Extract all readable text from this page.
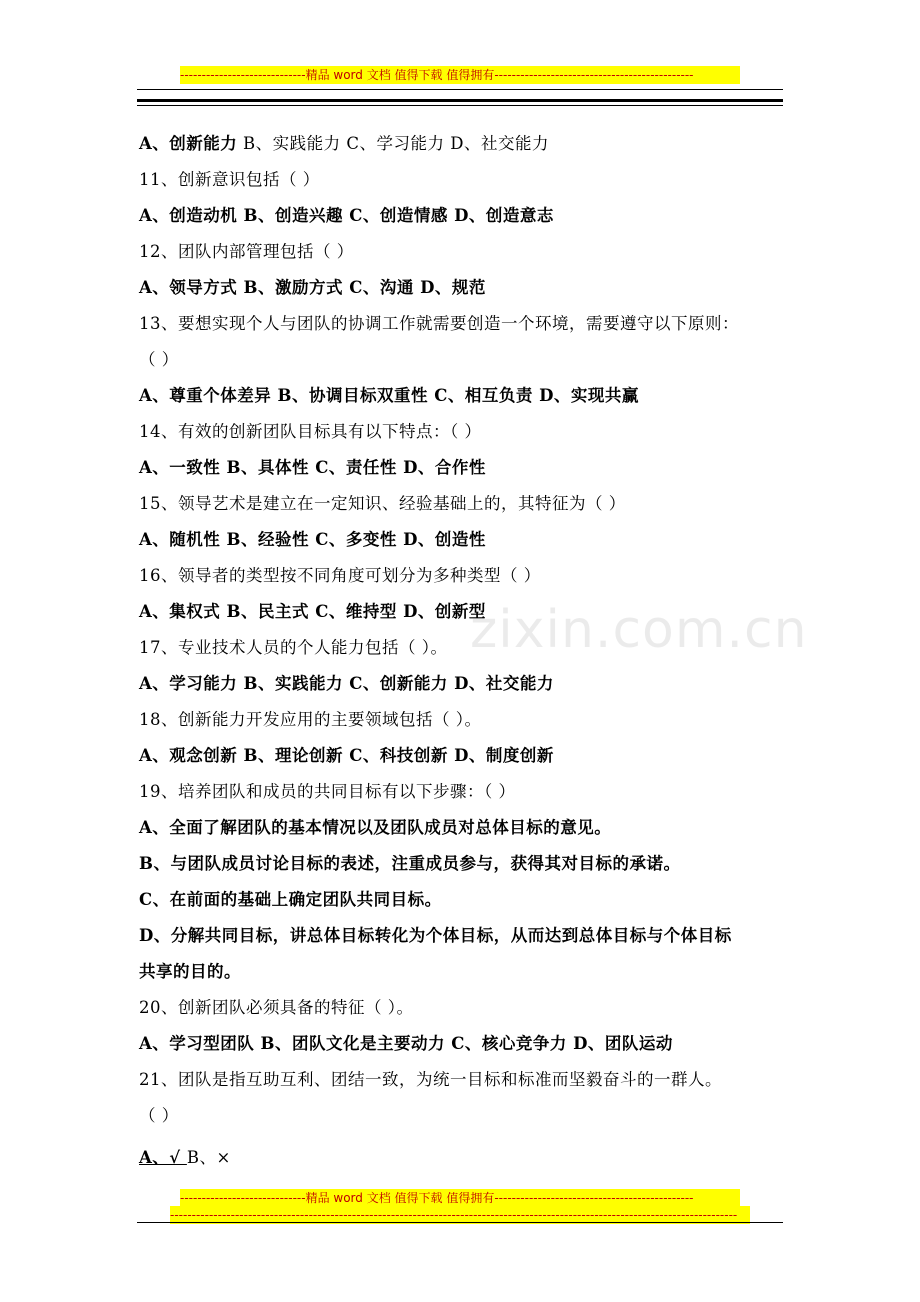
-----------------------------精品 word 文档 值得下载 值得拥有----------------------------------------------
zixin.com.cn
A、创新能力 B、实践能力 C、学习能力 D、社交能力
11、创新意识包括（ ）
A、创造动机 B、创造兴趣 C、创造情感 D、创造意志
12、团队内部管理包括（ ）
A、领导方式 B、激励方式 C、沟通 D、规范
13、要想实现个人与团队的协调工作就需要创造一个环境，需要遵守以下原则：
（ ）
A、尊重个体差异 B、协调目标双重性 C、相互负责 D、实现共赢
14、有效的创新团队目标具有以下特点：（ ）
A、一致性 B、具体性 C、责任性 D、合作性
15、领导艺术是建立在一定知识、经验基础上的，其特征为（ ）
A、随机性 B、经验性 C、多变性 D、创造性
16、领导者的类型按不同角度可划分为多种类型（ ）
A、集权式 B、民主式 C、维持型 D、创新型
17、专业技术人员的个人能力包括（ ）。
A、学习能力 B、实践能力 C、创新能力 D、社交能力
18、创新能力开发应用的主要领域包括（ ）。
A、观念创新 B、理论创新 C、科技创新 D、制度创新
19、培养团队和成员的共同目标有以下步骤：（ ）
A、全面了解团队的基本情况以及团队成员对总体目标的意见。
B、与团队成员讨论目标的表述，注重成员参与，获得其对目标的承诺。
C、在前面的基础上确定团队共同目标。
D、分解共同目标，讲总体目标转化为个体目标，从而达到总体目标与个体目标
共享的目的。
20、创新团队必须具备的特征（ ）。
A、学习型团队 B、团队文化是主要动力 C、核心竞争力 D、团队运动
21、团队是指互助互利、团结一致，为统一目标和标准而坚毅奋斗的一群人。
（ ）
A、√ B、×
-----------------------------精品 word 文档 值得下载 值得拥有----------------------------------------------
-----------------------------------------------------------------------------------------------------------------------------------
